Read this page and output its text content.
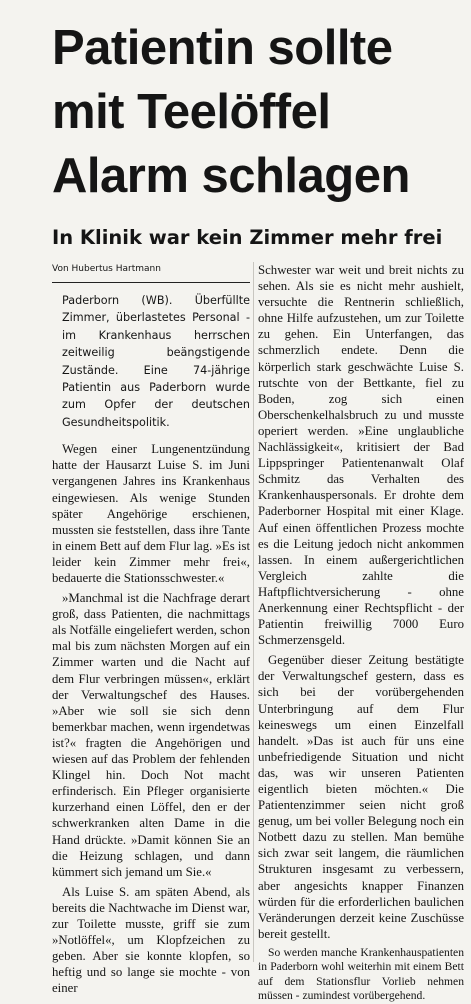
Patientin sollte
mit Teelöffel
Alarm schlagen
In Klinik war kein Zimmer mehr frei
Von Hubertus Hartmann
Paderborn (WB). Überfüllte Zimmer, überlastetes Personal - im Krankenhaus herrschen zeitweilig beängstigende Zustände. Eine 74-jährige Patientin aus Paderborn wurde zum Opfer der deutschen Gesundheitspolitik.

Wegen einer Lungenentzündung hatte der Hausarzt Luise S. im Juni vergangenen Jahres ins Krankenhaus eingewiesen. Als wenige Stunden später Angehörige erschienen, mussten sie feststellen, dass ihre Tante in einem Bett auf dem Flur lag. »Es ist leider kein Zimmer mehr frei«, bedauerte die Stationsschwester.«

»Manchmal ist die Nachfrage derart groß, dass Patienten, die nachmittags als Notfälle eingeliefert werden, schon mal bis zum nächsten Morgen auf ein Zimmer warten und die Nacht auf dem Flur verbringen müssen«, erklärt der Verwaltungschef des Hauses. »Aber wie soll sie sich denn bemerkbar machen, wenn irgendetwas ist?« fragten die Angehörigen und wiesen auf das Problem der fehlenden Klingel hin. Doch Not macht erfinderisch. Ein Pfleger organisierte kurzerhand einen Löffel, den er der schwerkranken alten Dame in die Hand drückte. »Damit können Sie an die Heizung schlagen, und dann kümmert sich jemand um Sie.«

Als Luise S. am späten Abend, als bereits die Nachtwache im Dienst war, zur Toilette musste, griff sie zum »Notlöffel«, um Klopfzeichen zu geben. Aber sie konnte klopfen, so heftig und so lange sie mochte - von einer

Schwester war weit und breit nichts zu sehen. Als sie es nicht mehr aushielt, versuchte die Rentnerin schließlich, ohne Hilfe aufzustehen, um zur Toilette zu gehen. Ein Unterfangen, das schmerzlich endete. Denn die körperlich stark geschwächte Luise S. rutschte von der Bettkante, fiel zu Boden, zog sich einen Oberschenkelhalsbruch zu und musste operiert werden. »Eine unglaubliche Nachlässigkeit«, kritisiert der Bad Lippspringer Patientenanwalt Olaf Schmitz das Verhalten des Krankenhauspersonals. Er drohte dem Paderborner Hospital mit einer Klage. Auf einen öffentlichen Prozess mochte es die Leitung jedoch nicht ankommen lassen. In einem außergerichtlichen Vergleich zahlte die Haftpflichtversicherung - ohne Anerkennung einer Rechtspflicht - der Patientin freiwillig 7000 Euro Schmerzensgeld.

Gegenüber dieser Zeitung bestätigte der Verwaltungschef gestern, dass es sich bei der vorübergehenden Unterbringung auf dem Flur keineswegs um einen Einzelfall handelt. »Das ist auch für uns eine unbefriedigende Situation und nicht das, was wir unseren Patienten eigentlich bieten möchten.« Die Patientenzimmer seien nicht groß genug, um bei voller Belegung noch ein Notbett dazu zu stellen. Man bemühe sich zwar seit langem, die räumlichen Strukturen insgesamt zu verbessern, aber angesichts knapper Finanzen würden für die erforderlichen baulichen Veränderungen derzeit keine Zuschüsse bereit gestellt.

So werden manche Krankenhauspatienten in Paderborn wohl weiterhin mit einem Bett auf dem Stationsflur Vorlieb nehmen müssen - zumindest vorübergehend.
